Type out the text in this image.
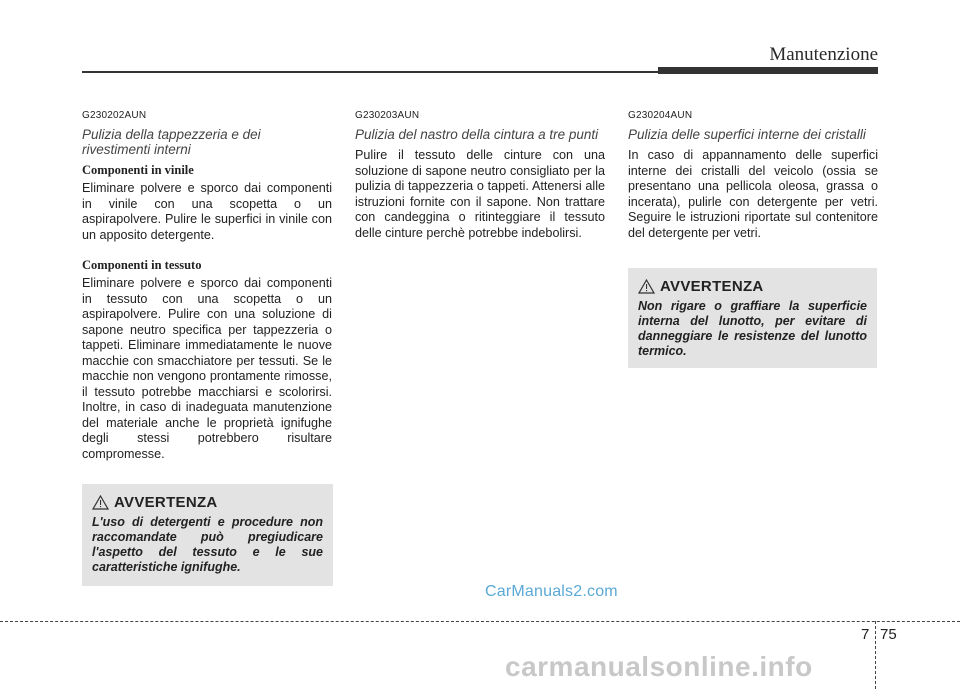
Manutenzione
G230202AUN
Pulizia della tappezzeria e dei rivestimenti interni
Componenti in vinile
Eliminare polvere e sporco dai componenti in vinile con una scopetta o un aspirapolvere. Pulire le superfici in vinile con un apposito detergente.
Componenti in tessuto
Eliminare polvere e sporco dai componenti in tessuto con una scopetta o un aspirapolvere. Pulire con una soluzione di sapone neutro specifica per tappezzeria o tappeti. Eliminare immediatamente le nuove macchie con smacchiatore per tessuti. Se le macchie non vengono prontamente rimosse, il tessuto potrebbe macchiarsi e scolorirsi. Inoltre, in caso di inadeguata manutenzione del materiale anche le proprietà ignifughe degli stessi potrebbero risultare compromesse.
AVVERTENZA
L'uso di detergenti e procedure non raccomandate può pregiudicare l'aspetto del tessuto e le sue caratteristiche ignifughe.
G230203AUN
Pulizia del nastro della cintura a tre punti
Pulire il tessuto delle cinture con una soluzione di sapone neutro consigliato per la pulizia di tappezzeria o tappeti. Attenersi alle istruzioni fornite con il sapone. Non trattare con candeggina o ritinteggiare il tessuto delle cinture perchè potrebbe indebolirsi.
G230204AUN
Pulizia delle superfici interne dei cristalli
In caso di appannamento delle superfici interne dei cristalli del veicolo (ossia se presentano una pellicola oleosa, grassa o incerata), pulirle con detergente per vetri. Seguire le istruzioni riportate sul contenitore del detergente per vetri.
AVVERTENZA
Non rigare o graffiare la superficie interna del lunotto, per evitare di danneggiare le resistenze del lunotto termico.
CarManuals2.com
7 75
carmanualsonline.info
